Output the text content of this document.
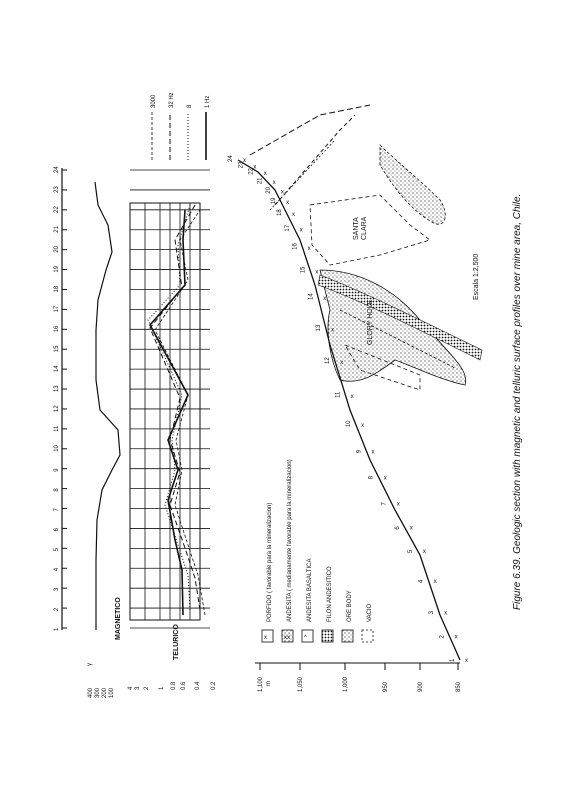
Figure 6.39. Geologic section with magnetic and telluric surface profiles over mine area, Chile.
1
2
3
4
5
6
7
8
9
10
11
12
13
14
15
16
17
18
19
20
21
22
23
24
MAGNETICO
400 300 200 100
γ
TELURICO
4 3 2 1 0.8 0.6 0.4 0.2
3000 32 Hz 8 1 Hz
x
PORFIDO ( favorable para la mineralizacion)
xx
ANDESITA ( medianamente favorable para la mineralizacion)
^
ANDESITA BASALTICA FILON ANDESITICO ORE BODY VACIO
1,100	1,050	1,000	950	900	850
m
x
x
x
x
x
x
x
x
x
x
x
x
x
x
x
x
x
x
x
x
x
x
x
x
1
2
3
4
5
6
7
8
9
10
11
12
13
14
15
16
17
18
19
20
21
22
23
24
GLORY HOLE
SANTA CLARA
Escala 1:2,500
